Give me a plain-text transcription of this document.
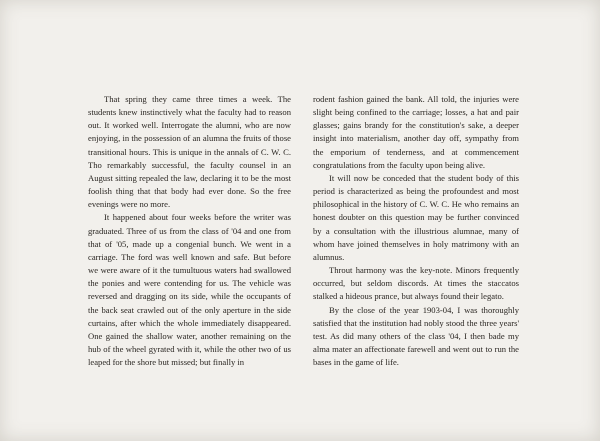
That spring they came three times a week. The students knew instinctively what the faculty had to reason out. It worked well. Interrogate the alumni, who are now enjoying, in the possession of an alumna the fruits of those transitional hours. This is unique in the annals of C. W. C. Tho remarkably successful, the faculty counsel in an August sitting repealed the law, declaring it to be the most foolish thing that that body had ever done. So the free evenings were no more.

It happened about four weeks before the writer was graduated. Three of us from the class of '04 and one from that of '05, made up a congenial bunch. We went in a carriage. The ford was well known and safe. But before we were aware of it the tumultuous waters had swallowed the ponies and were contending for us. The vehicle was reversed and dragging on its side, while the occupants of the back seat crawled out of the only aperture in the side curtains, after which the whole immediately disappeared. One gained the shallow water, another remaining on the hub of the wheel gyrated with it, while the other two of us leaped for the shore but missed; but finally in

rodent fashion gained the bank. All told, the injuries were slight being confined to the carriage; losses, a hat and pair glasses; gains brandy for the constitution's sake, a deeper insight into materialism, another day off, sympathy from the emporium of tenderness, and at commencement congratulations from the faculty upon being alive.

It will now be conceded that the student body of this period is characterized as being the profoundest and most philosophical in the history of C. W. C. He who remains an honest doubter on this question may be further convinced by a consultation with the illustrious alumnae, many of whom have joined themselves in holy matrimony with an alumnus.

Throut harmony was the key-note. Minors frequently occurred, but seldom discords. At times the staccatos stalked a hideous prance, but always found their legato.

By the close of the year 1903-04, I was thoroughly satisfied that the institution had nobly stood the three years' test. As did many others of the class '04, I then bade my alma mater an affectionate farewell and went out to run the bases in the game of life.
